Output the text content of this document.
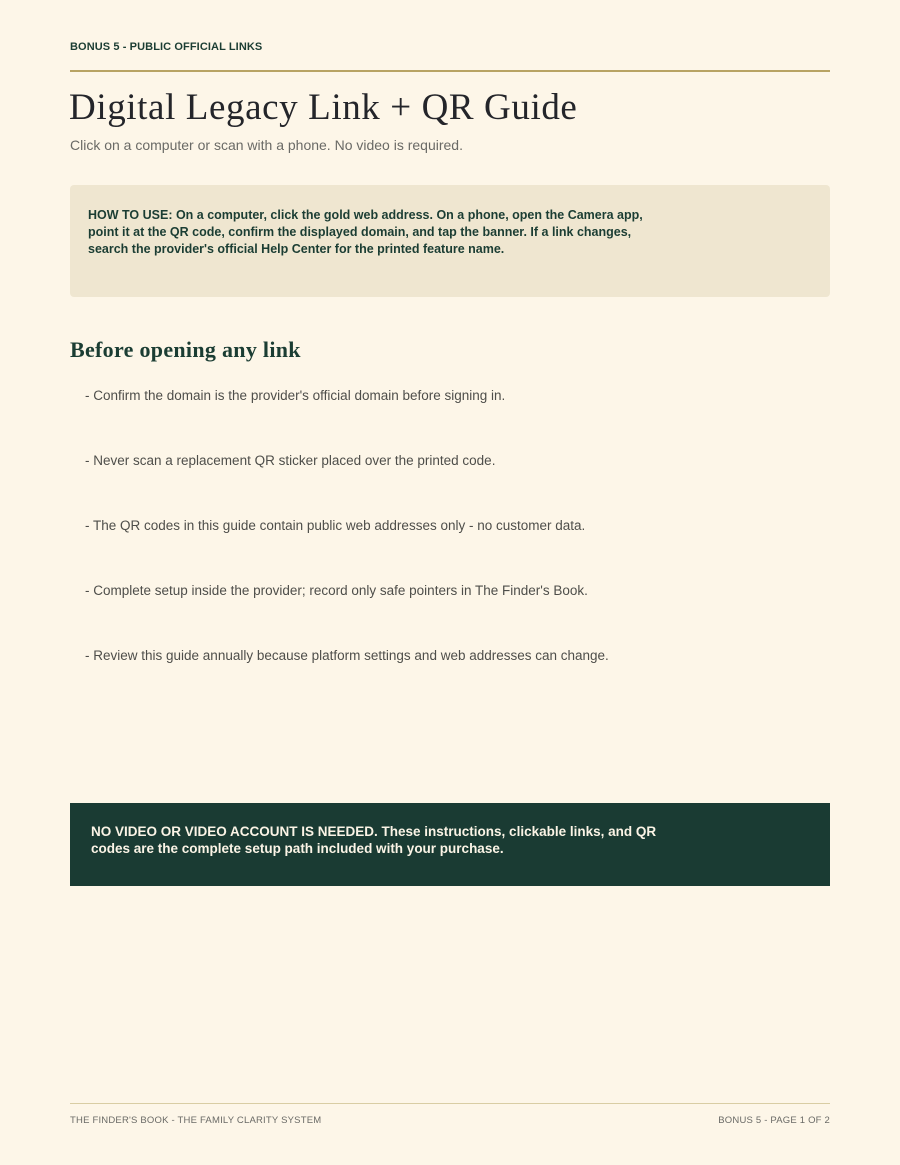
BONUS 5 - PUBLIC OFFICIAL LINKS
Digital Legacy Link + QR Guide
Click on a computer or scan with a phone. No video is required.
HOW TO USE: On a computer, click the gold web address. On a phone, open the Camera app, point it at the QR code, confirm the displayed domain, and tap the banner. If a link changes, search the provider's official Help Center for the printed feature name.
Before opening any link
- Confirm the domain is the provider's official domain before signing in.
- Never scan a replacement QR sticker placed over the printed code.
- The QR codes in this guide contain public web addresses only - no customer data.
- Complete setup inside the provider; record only safe pointers in The Finder's Book.
- Review this guide annually because platform settings and web addresses can change.
NO VIDEO OR VIDEO ACCOUNT IS NEEDED. These instructions, clickable links, and QR codes are the complete setup path included with your purchase.
THE FINDER'S BOOK - THE FAMILY CLARITY SYSTEM	BONUS 5 - PAGE 1 OF 2
